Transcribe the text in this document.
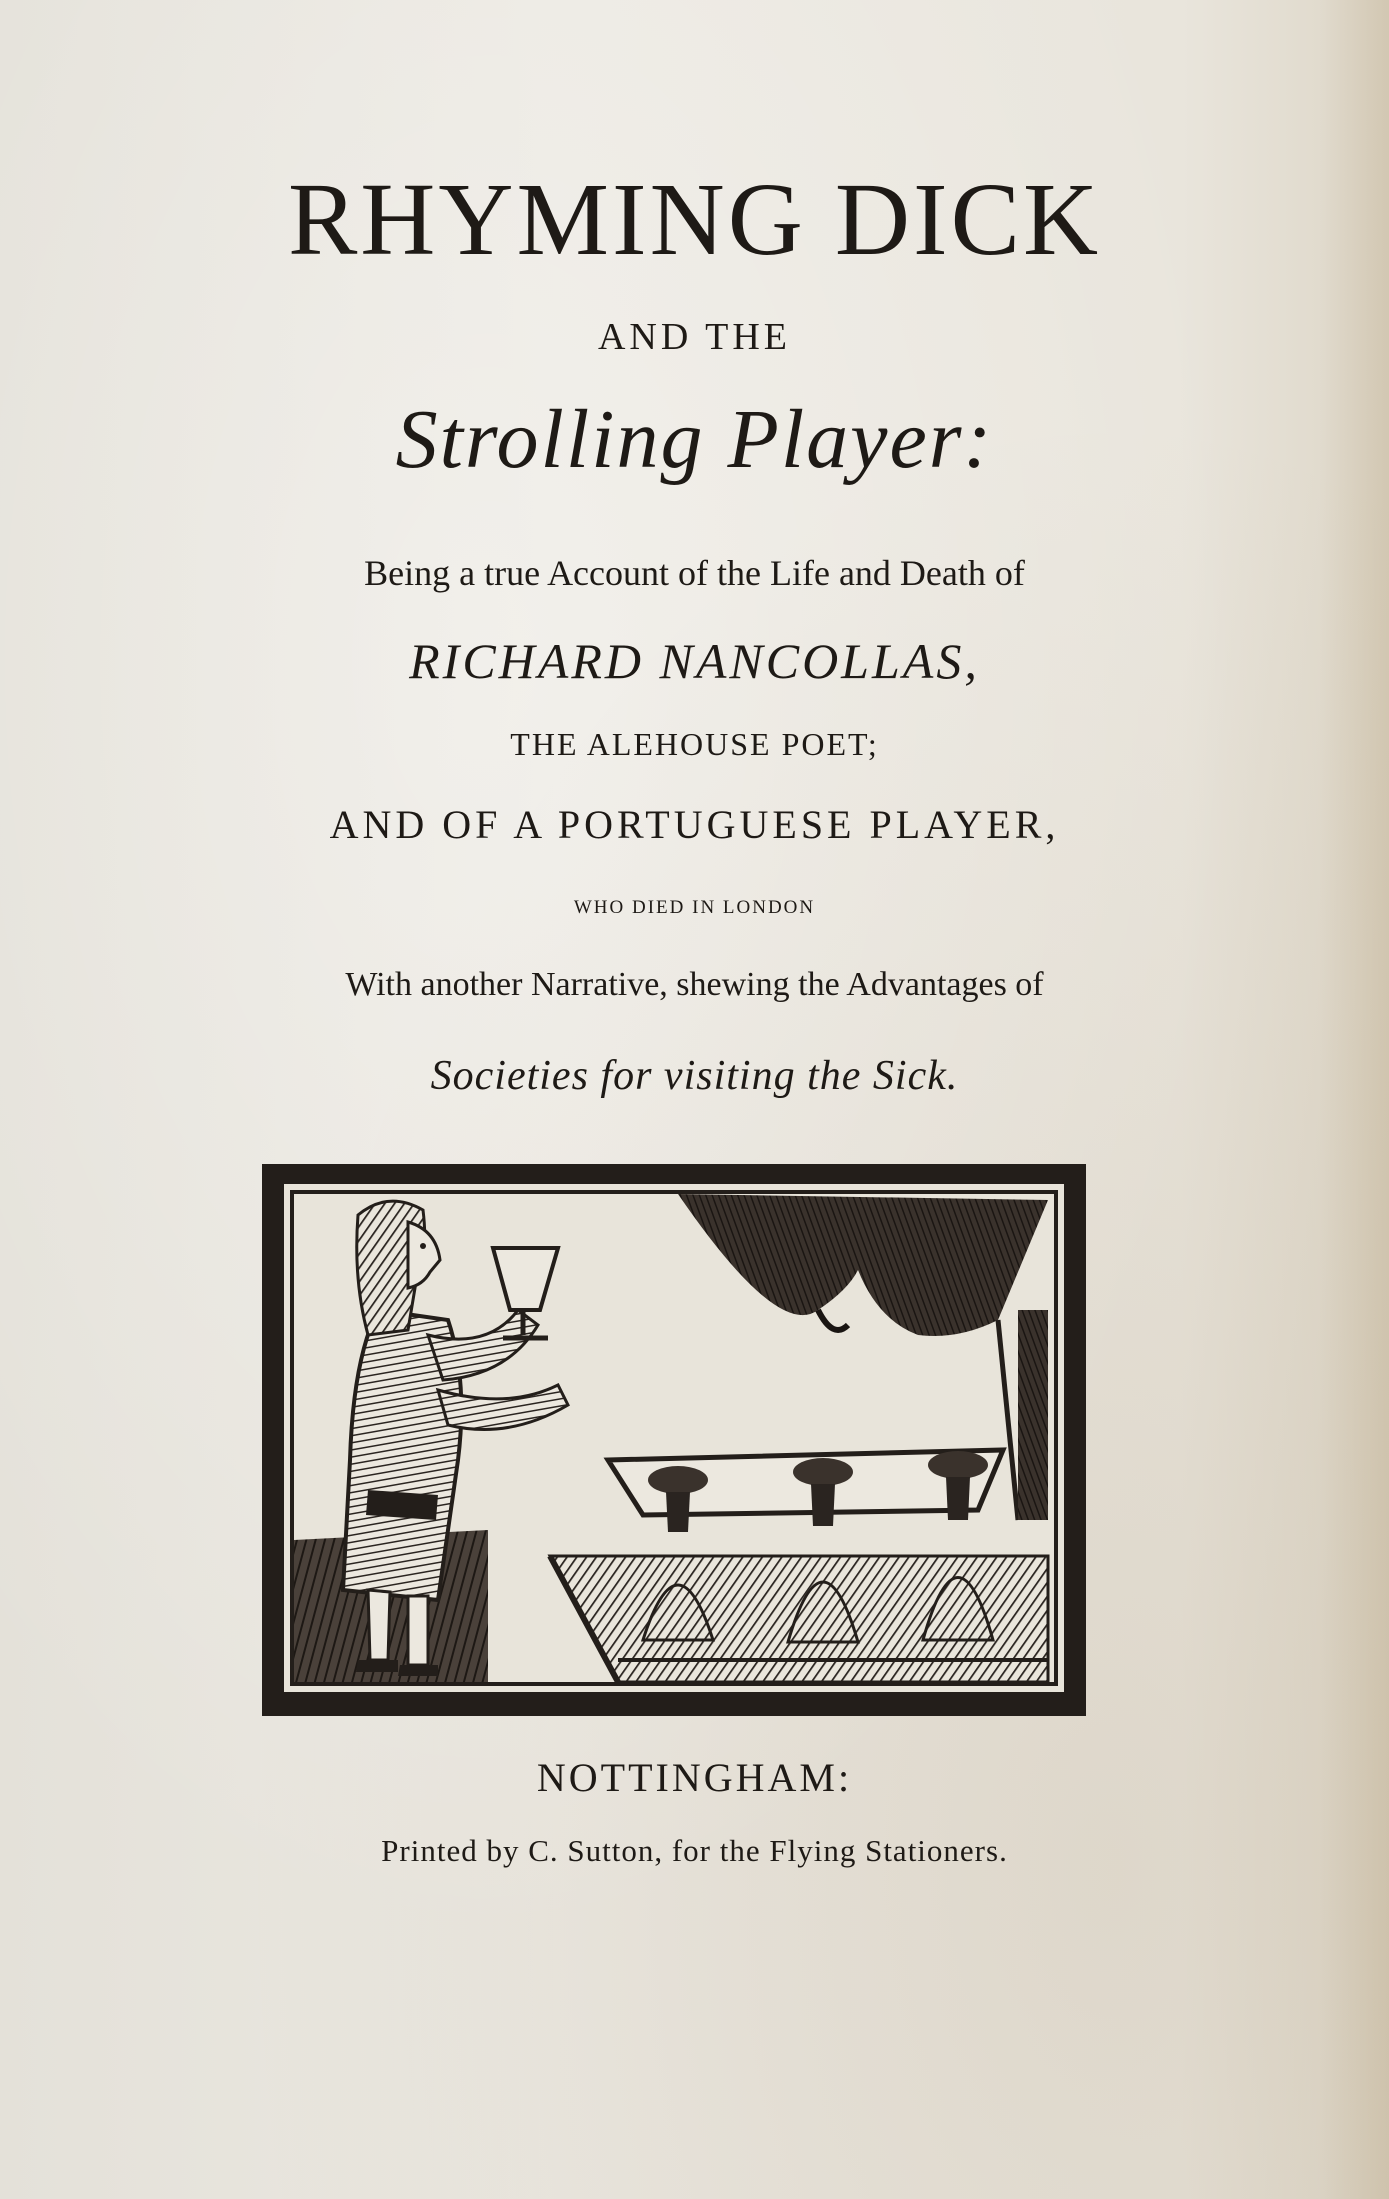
RHYMING DICK

AND THE

Strolling Player:

Being a true Account of the Life and Death of

RICHARD NANCOLLAS,

THE ALEHOUSE POET;

AND OF A PORTUGUESE PLAYER,

WHO DIED IN LONDON

With another Narrative, shewing the Advantages of

Societies for visiting the Sick.

NOTTINGHAM:

Printed by C. Sutton, for the Flying Stationers.
